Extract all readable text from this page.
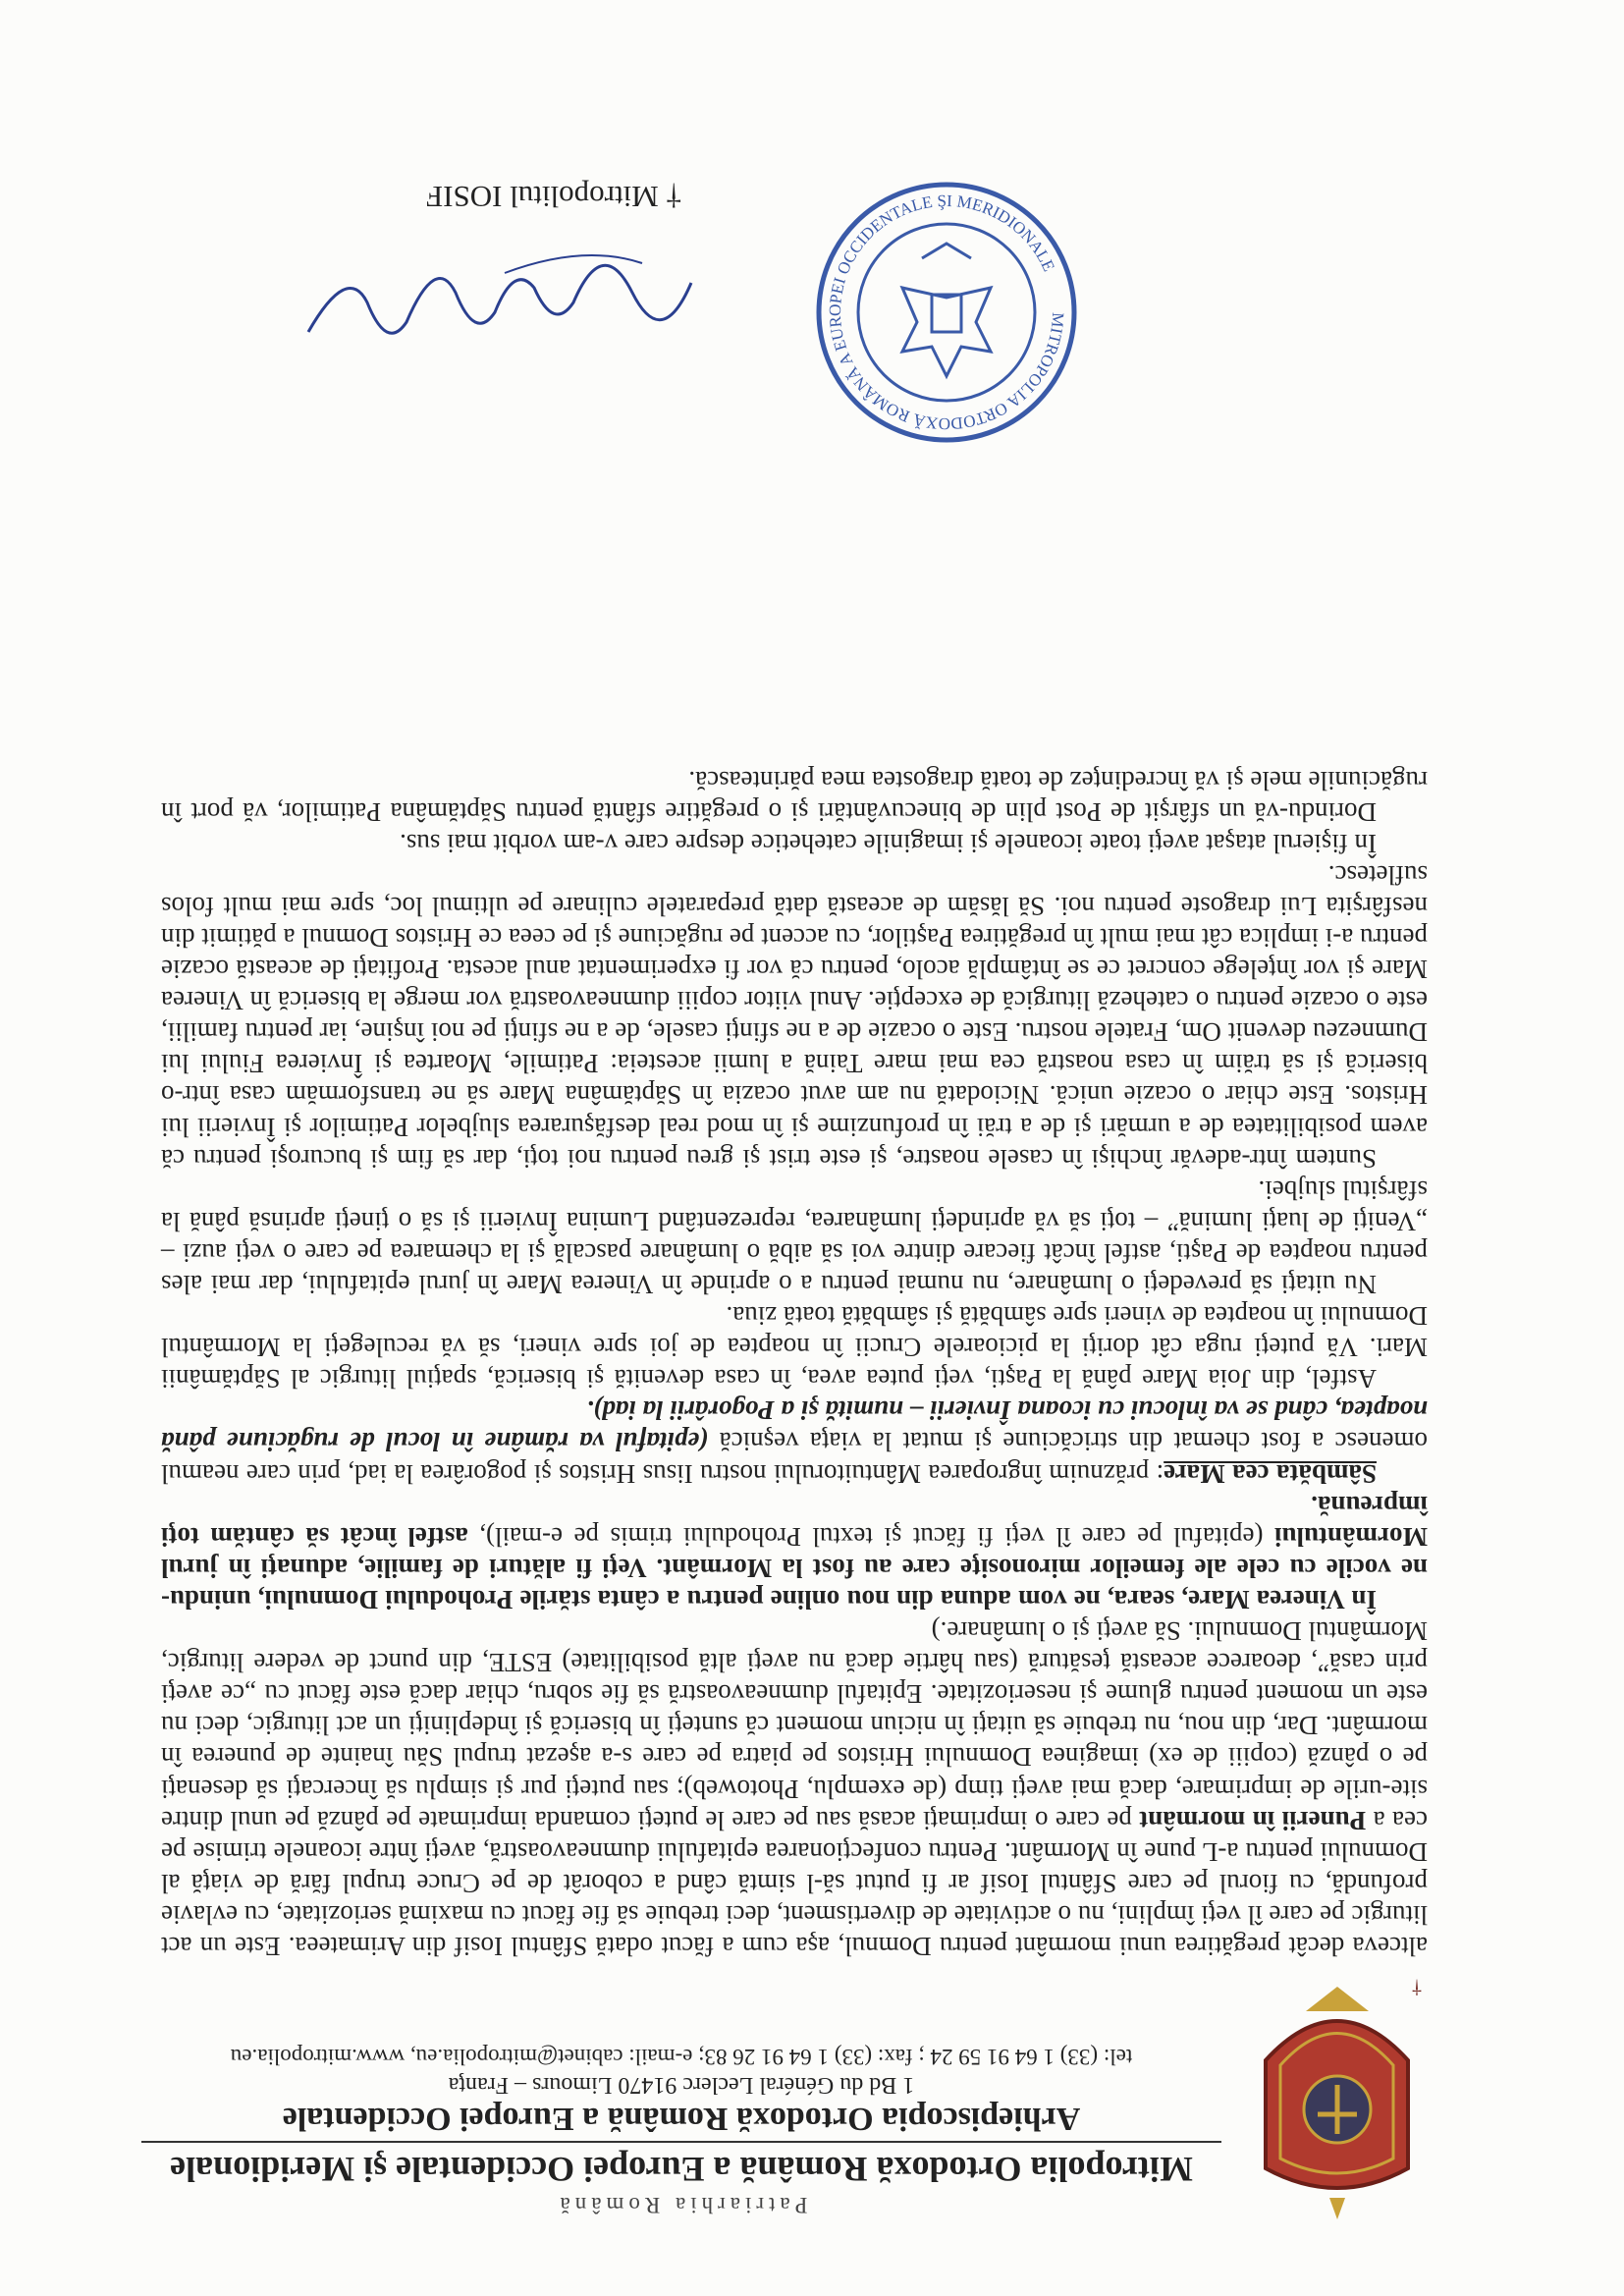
†
Patriarhia Română
Mitropolia Ortodoxă Română a Europei Occidentale şi Meridionale
Arhiepiscopia Ortodoxă Română a Europei Occidentale
1 Bd du Général Leclerc 91470 Limours – Franţa
tel: (33) 1 64 91 59 24 ; fax: (33) 1 64 91 26 83; e-mail: cabinet@mitropolia.eu, www.mitropolia.eu

altceva decât pregătirea unui mormânt pentru Domnul, aşa cum a făcut odată Sfântul Iosif din Arimateea. Este un act liturgic pe care îl veţi împlini, nu o activitate de divertisment, deci trebuie să fie făcut cu maximă seriozitate, cu evlavie profundă, cu fiorul pe care Sfântul Iosif ar fi putut să-l simtă când a coborât de pe Cruce trupul fără de viaţă al Domnului pentru a-L pune în Mormânt. Pentru confecţionarea epitafului dumneavoastră, aveţi între icoanele trimise pe cea a Punerii în mormânt pe care o imprimaţi acasă sau pe care le puteţi comanda imprimate pe pânză pe unul dintre site-urile de imprimare, dacă mai aveţi timp (de exemplu, Photoweb); sau puteţi pur şi simplu să încercaţi să desenaţi pe o pânză (copiii de ex) imaginea Domnului Hristos pe piatra pe care s-a aşezat trupul Său înainte de punerea în mormânt. Dar, din nou, nu trebuie să uitaţi în niciun moment că sunteţi în biserică şi îndepliniţi un act liturgic, deci nu este un moment pentru glume şi neseriozitate. Epitaful dumneavoastră să fie sobru, chiar dacă este făcut cu „ce aveţi prin casă”, deoarece această ţesătură (sau hârtie dacă nu aveţi altă posibilitate) ESTE, din punct de vedere liturgic, Mormântul Domnului. Să aveţi şi o lumânare.)

În Vinerea Mare, seara, ne vom aduna din nou online pentru a cânta stările Prohodului Domnului, unindu-ne vocile cu cele ale femeilor mironosiţe care au fost la Mormânt. Veţi fi alături de familie, adunaţi în jurul Mormântului (epitaful pe care îl veţi fi făcut şi textul Prohodului trimis pe e-mail), astfel încât să cântăm toţi împreună.

Sâmbăta cea Mare: prăznuim îngroparea Mântuitorului nostru Iisus Hristos şi pogorârea la iad, prin care neamul omenesc a fost chemat din stricăciune şi mutat la viaţa veşnică (epitaful va rămâne în locul de rugăciune până noaptea, când se va înlocui cu icoana Învierii – numită şi a Pogorârii la iad).

Astfel, din Joia Mare până la Paşti, veţi putea avea, în casa devenită şi biserică, spaţiul liturgic al Săptămânii Mari. Vă puteţi ruga cât doriţi la picioarele Crucii în noaptea de joi spre vineri, să vă reculegeţi la Mormântul Domnului în noaptea de vineri spre sâmbătă şi sâmbătă toată ziua.

Nu uitaţi să prevedeţi o lumânare, nu numai pentru a o aprinde în Vinerea Mare în jurul epitafului, dar mai ales pentru noaptea de Paşti, astfel încât fiecare dintre voi să aibă o lumânare pascală şi la chemarea pe care o veţi auzi – „Veniţi de luaţi lumină” – toţi să vă aprindeţi lumânarea, reprezentând Lumina Învierii şi să o ţineţi aprinsă până la sfârşitul slujbei.

Suntem într-adevăr închişi în casele noastre, şi este trist şi greu pentru noi toţi, dar să fim şi bucuroşi pentru că avem posibilitatea de a urmări şi de a trăi în profunzime şi în mod real desfăşurarea slujbelor Patimilor şi Învierii lui Hristos. Este chiar o ocazie unică. Niciodată nu am avut ocazia în Săptămâna Mare să ne transformăm casa într-o biserică şi să trăim în casa noastră cea mai mare Taină a lumii acesteia: Patimile, Moartea şi Învierea Fiului lui Dumnezeu devenit Om, Fratele nostru. Este o ocazie de a ne sfinţi casele, de a ne sfinţi pe noi înşine, iar pentru familii, este o ocazie pentru o cateheză liturgică de excepţie. Anul viitor copiii dumneavoastră vor merge la biserică în Vinerea Mare şi vor înţelege concret ce se întâmplă acolo, pentru că vor fi experimentat anul acesta. Profitaţi de această ocazie pentru a-i implica cât mai mult în pregătirea Paştilor, cu accent pe rugăciune şi pe ceea ce Hristos Domnul a pătimit din nesfârşita Lui dragoste pentru noi. Să lăsăm de această dată preparatele culinare pe ultimul loc, spre mai mult folos sufletesc.

În fişierul ataşat aveţi toate icoanele şi imaginile catehetice despre care v-am vorbit mai sus.

Dorindu-vă un sfârşit de Post plin de binecuvântări şi o pregătire sfântă pentru Săptămâna Patimilor, vă port în rugăciunile mele şi vă încredinţez de toată dragostea mea părintească.

MITROPOLIA ORTODOXĂ ROMÂNĂ A EUROPEI OCCIDENTALE ŞI MERIDIONALE
† Mitropolitul IOSIF
